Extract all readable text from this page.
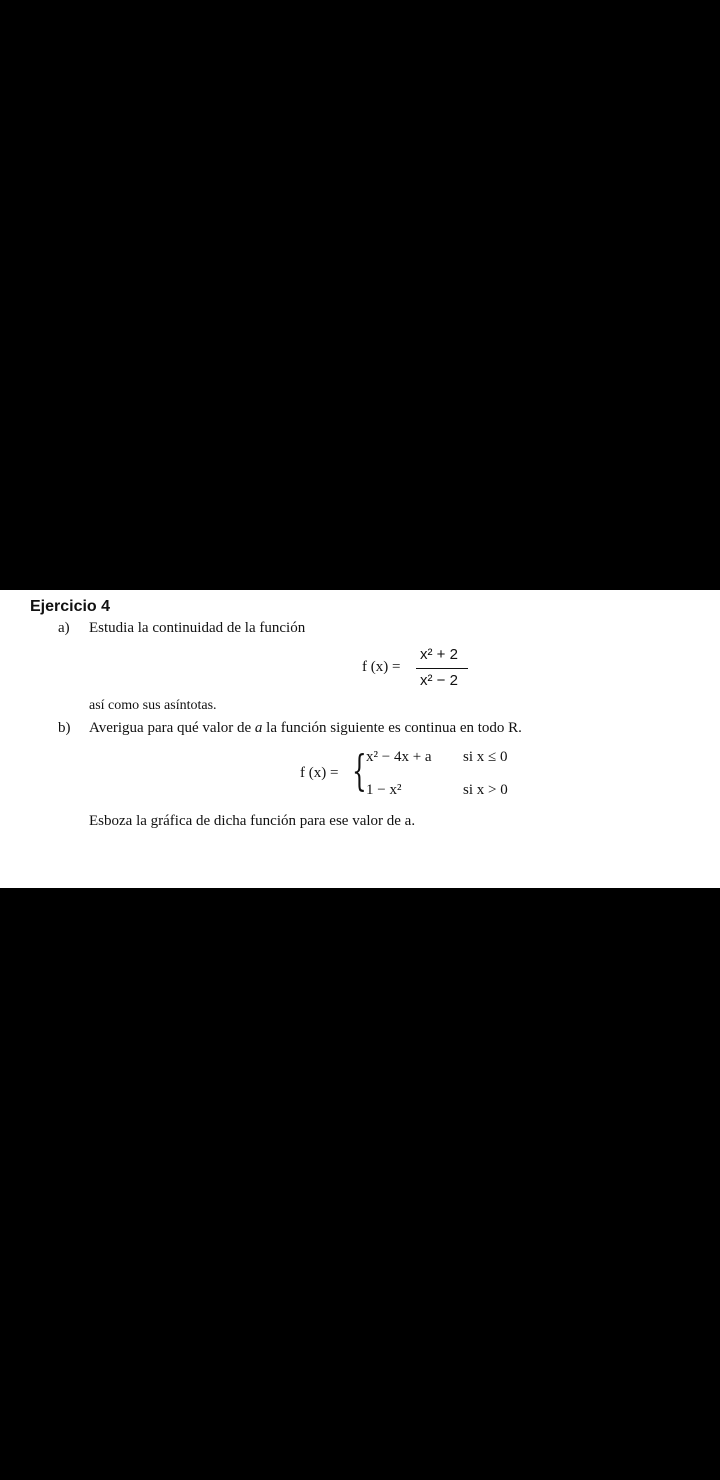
Ejercicio 4
a) Estudia la continuidad de la función
f (x) =
x² + 2
x² − 2
así como sus asíntotas.
b) Averigua para qué valor de a la función siguiente es continua en todo R.
f (x) = { x² − 4x + a si x ≤ 0
1 − x²	si x > 0
Esboza la gráfica de dicha función para ese valor de a.
